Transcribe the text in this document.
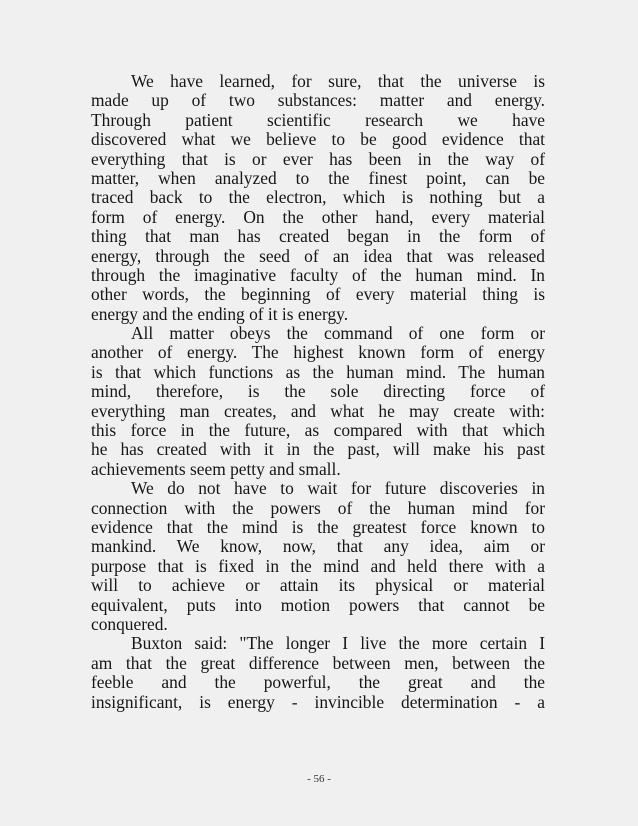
We have learned, for sure, that the universe is
made up of two substances: matter and energy.
Through patient scientific research we have
discovered what we believe to be good evidence that
everything that is or ever has been in the way of
matter, when analyzed to the finest point, can be
traced back to the electron, which is nothing but a
form of energy. On the other hand, every material
thing that man has created began in the form of
energy, through the seed of an idea that was released
through the imaginative faculty of the human mind. In
other words, the beginning of every material thing is
energy and the ending of it is energy.
All matter obeys the command of one form or
another of energy. The highest known form of energy
is that which functions as the human mind. The human
mind, therefore, is the sole directing force of
everything man creates, and what he may create with:
this force in the future, as compared with that which
he has created with it in the past, will make his past
achievements seem petty and small.
We do not have to wait for future discoveries in
connection with the powers of the human mind for
evidence that the mind is the greatest force known to
mankind. We know, now, that any idea, aim or
purpose that is fixed in the mind and held there with a
will to achieve or attain its physical or material
equivalent, puts into motion powers that cannot be
conquered.
Buxton said: "The longer I live the more certain I
am that the great difference between men, between the
feeble and the powerful, the great and the
insignificant, is energy - invincible determination - a
- 56 -
